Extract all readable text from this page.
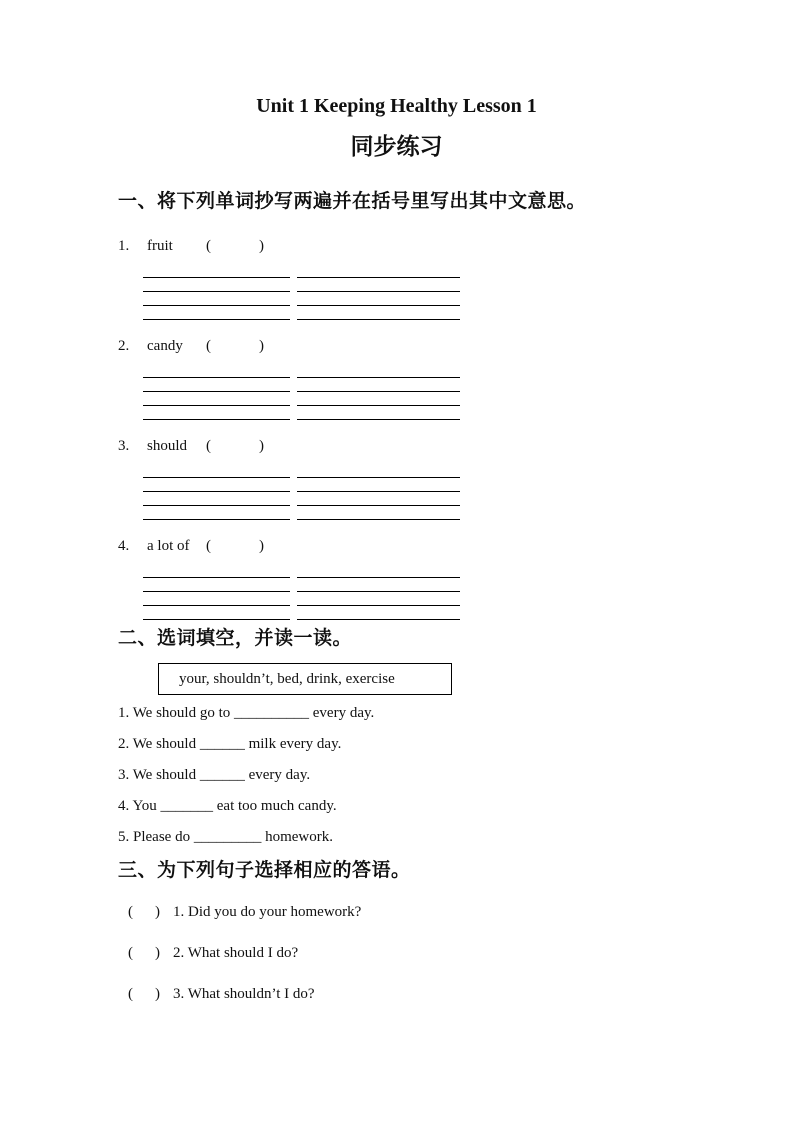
Unit 1 Keeping Healthy Lesson 1
同步练习
一、将下列单词抄写两遍并在括号里写出其中文意思。
1.	fruit	(	)
2.	candy	(	)
3.	should	(	)
4.	a lot of	(	)
二、选词填空，并读一读。
your, shouldn’t, bed, drink, exercise
1. We should go to __________ every day.
2. We should ______ milk every day.
3. We should ______ every day.
4. You _______ eat too much candy.
5. Please do _________ homework.
三、为下列句子选择相应的答语。
( ) 1. Did you do your homework?
( ) 2. What should I do?
( ) 3. What shouldn’t I do?
